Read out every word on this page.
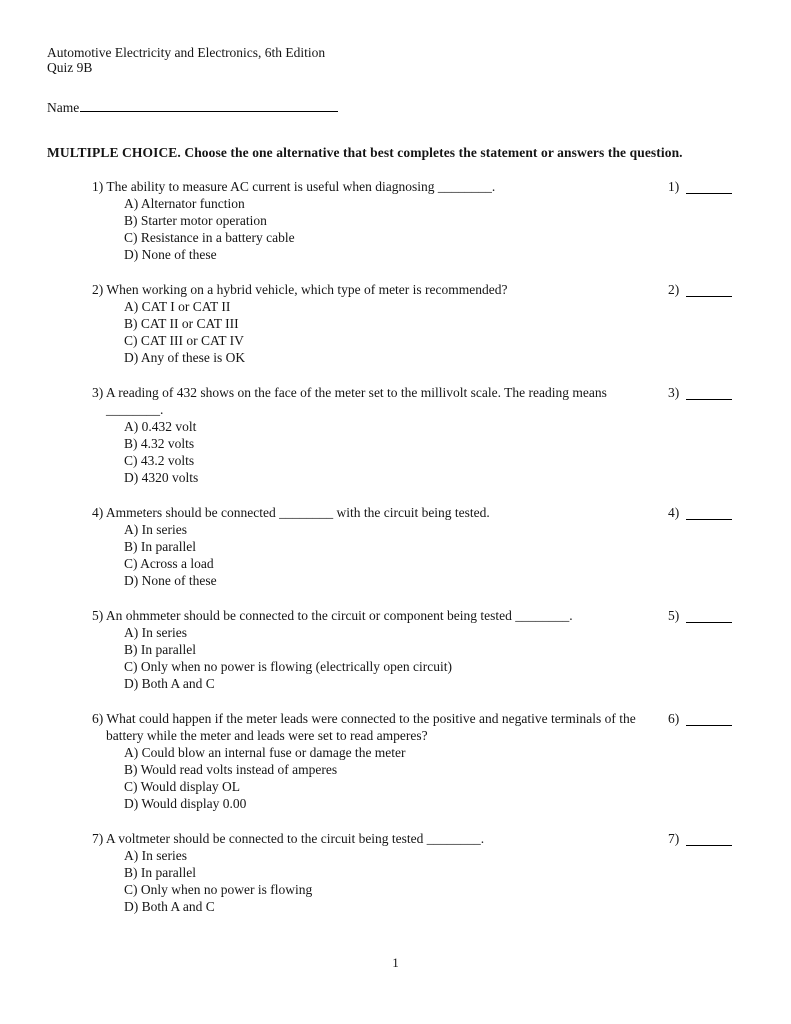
Automotive Electricity and Electronics, 6th Edition
Quiz 9B
Name
MULTIPLE CHOICE. Choose the one alternative that best completes the statement or answers the question.
1) The ability to measure AC current is useful when diagnosing ________.
A) Alternator function
B) Starter motor operation
C) Resistance in a battery cable
D) None of these
1)
2) When working on a hybrid vehicle, which type of meter is recommended?
A) CAT I or CAT II
B) CAT II or CAT III
C) CAT III or CAT IV
D) Any of these is OK
2)
3) A reading of 432 shows on the face of the meter set to the millivolt scale. The reading means ________.
A) 0.432 volt
B) 4.32 volts
C) 43.2 volts
D) 4320 volts
3)
4) Ammeters should be connected ________ with the circuit being tested.
A) In series
B) In parallel
C) Across a load
D) None of these
4)
5) An ohmmeter should be connected to the circuit or component being tested ________.
A) In series
B) In parallel
C) Only when no power is flowing (electrically open circuit)
D) Both A and C
5)
6) What could happen if the meter leads were connected to the positive and negative terminals of the battery while the meter and leads were set to read amperes?
A) Could blow an internal fuse or damage the meter
B) Would read volts instead of amperes
C) Would display OL
D) Would display 0.00
6)
7) A voltmeter should be connected to the circuit being tested ________.
A) In series
B) In parallel
C) Only when no power is flowing
D) Both A and C
7)
1
